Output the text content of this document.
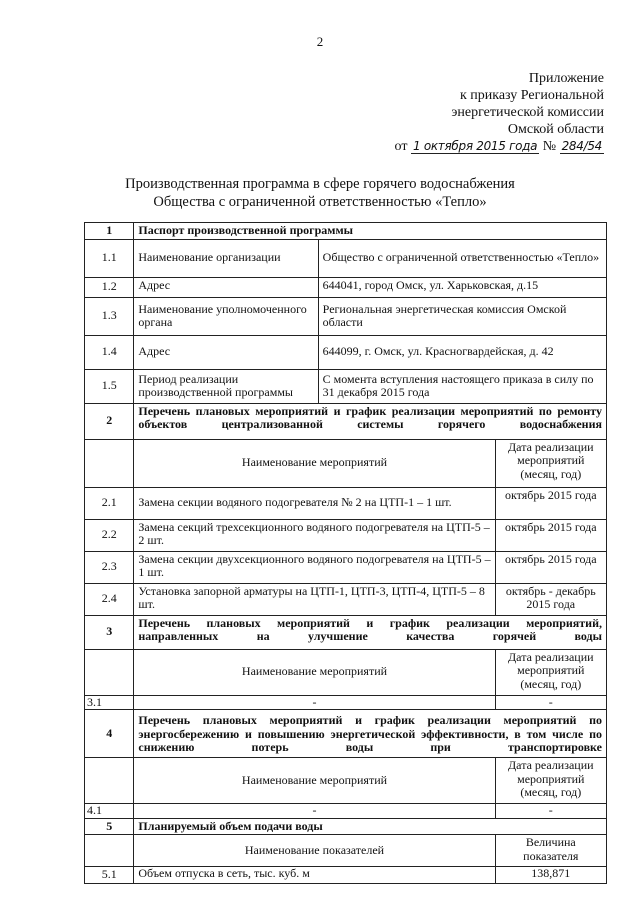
2
Приложение
к приказу Региональной
энергетической комиссии
Омской области
от 1 октября 2015 года № 284/54
Производственная программа в сфере горячего водоснабжения
Общества с ограниченной ответственностью «Тепло»
1	Паспорт производственной программы		
1.1	Наименование организации	Общество с ограниченной ответственностью «Тепло»	
1.2	Адрес	644041, город Омск, ул. Харьковская, д.15	
1.3	Наименование уполномоченного органа	Региональная энергетическая комиссия Омской области	
1.4	Адрес	644099, г. Омск, ул. Красногвардейская, д. 42	
1.5	Период реализации производственной программы	С момента вступления настоящего приказа в силу по 31 декабря 2015 года	
2	Перечень плановых мероприятий и график реализации мероприятий по ремонту объектов централизованной системы горячего водоснабжения		
	Наименование мероприятий		Дата реализации мероприятий (месяц, год)
2.1	Замена секции водяного подогревателя № 2 на ЦТП-1 – 1 шт.		октябрь 2015 года
2.2	Замена секций трехсекционного водяного подогревателя на ЦТП-5 – 2 шт.		октябрь 2015 года
2.3	Замена секции двухсекционного водяного подогревателя на ЦТП-5 – 1 шт.		октябрь 2015 года
2.4	Установка запорной арматуры на ЦТП-1, ЦТП-3, ЦТП-4, ЦТП-5 – 8 шт.		октябрь - декабрь 2015 года
3	Перечень плановых мероприятий и график реализации мероприятий, направленных на улучшение качества горячей воды		
	Наименование мероприятий		Дата реализации мероприятий (месяц, год)
3.1	-		-
4	Перечень плановых мероприятий и график реализации мероприятий по энергосбережению и повышению энергетической эффективности, в том числе по снижению потерь воды при транспортировке		
	Наименование мероприятий		Дата реализации мероприятий (месяц, год)
4.1	-		-
5	Планируемый объем подачи воды		
	Наименование показателей		Величина показателя
5.1	Объем отпуска в сеть, тыс. куб. м		138,871
